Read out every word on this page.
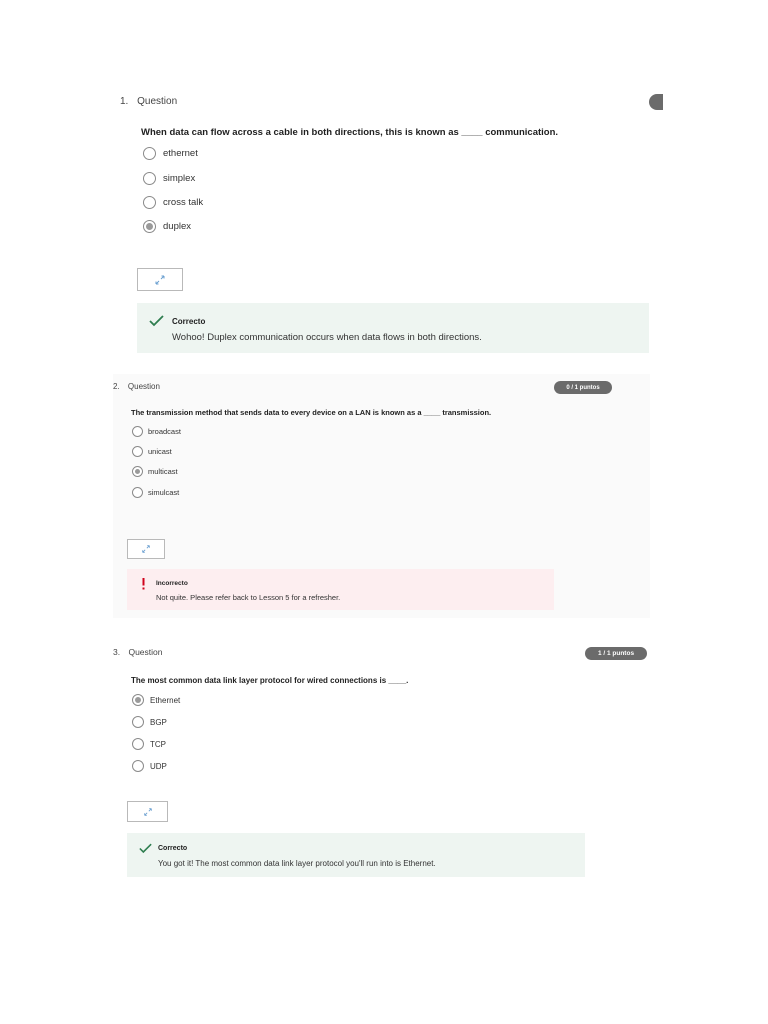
1. Question
When data can flow across a cable in both directions, this is known as ____ communication.
ethernet
simplex
cross talk
duplex
Correcto
Wohoo! Duplex communication occurs when data flows in both directions.
2. Question	0 / 1 puntos
The transmission method that sends data to every device on a LAN is known as a ____ transmission.
broadcast
unicast
multicast
simulcast
Incorrecto
Not quite. Please refer back to Lesson 5 for a refresher.
3. Question	1 / 1 puntos
The most common data link layer protocol for wired connections is ____.
Ethernet
BGP
TCP
UDP
Correcto
You got it! The most common data link layer protocol you'll run into is Ethernet.
